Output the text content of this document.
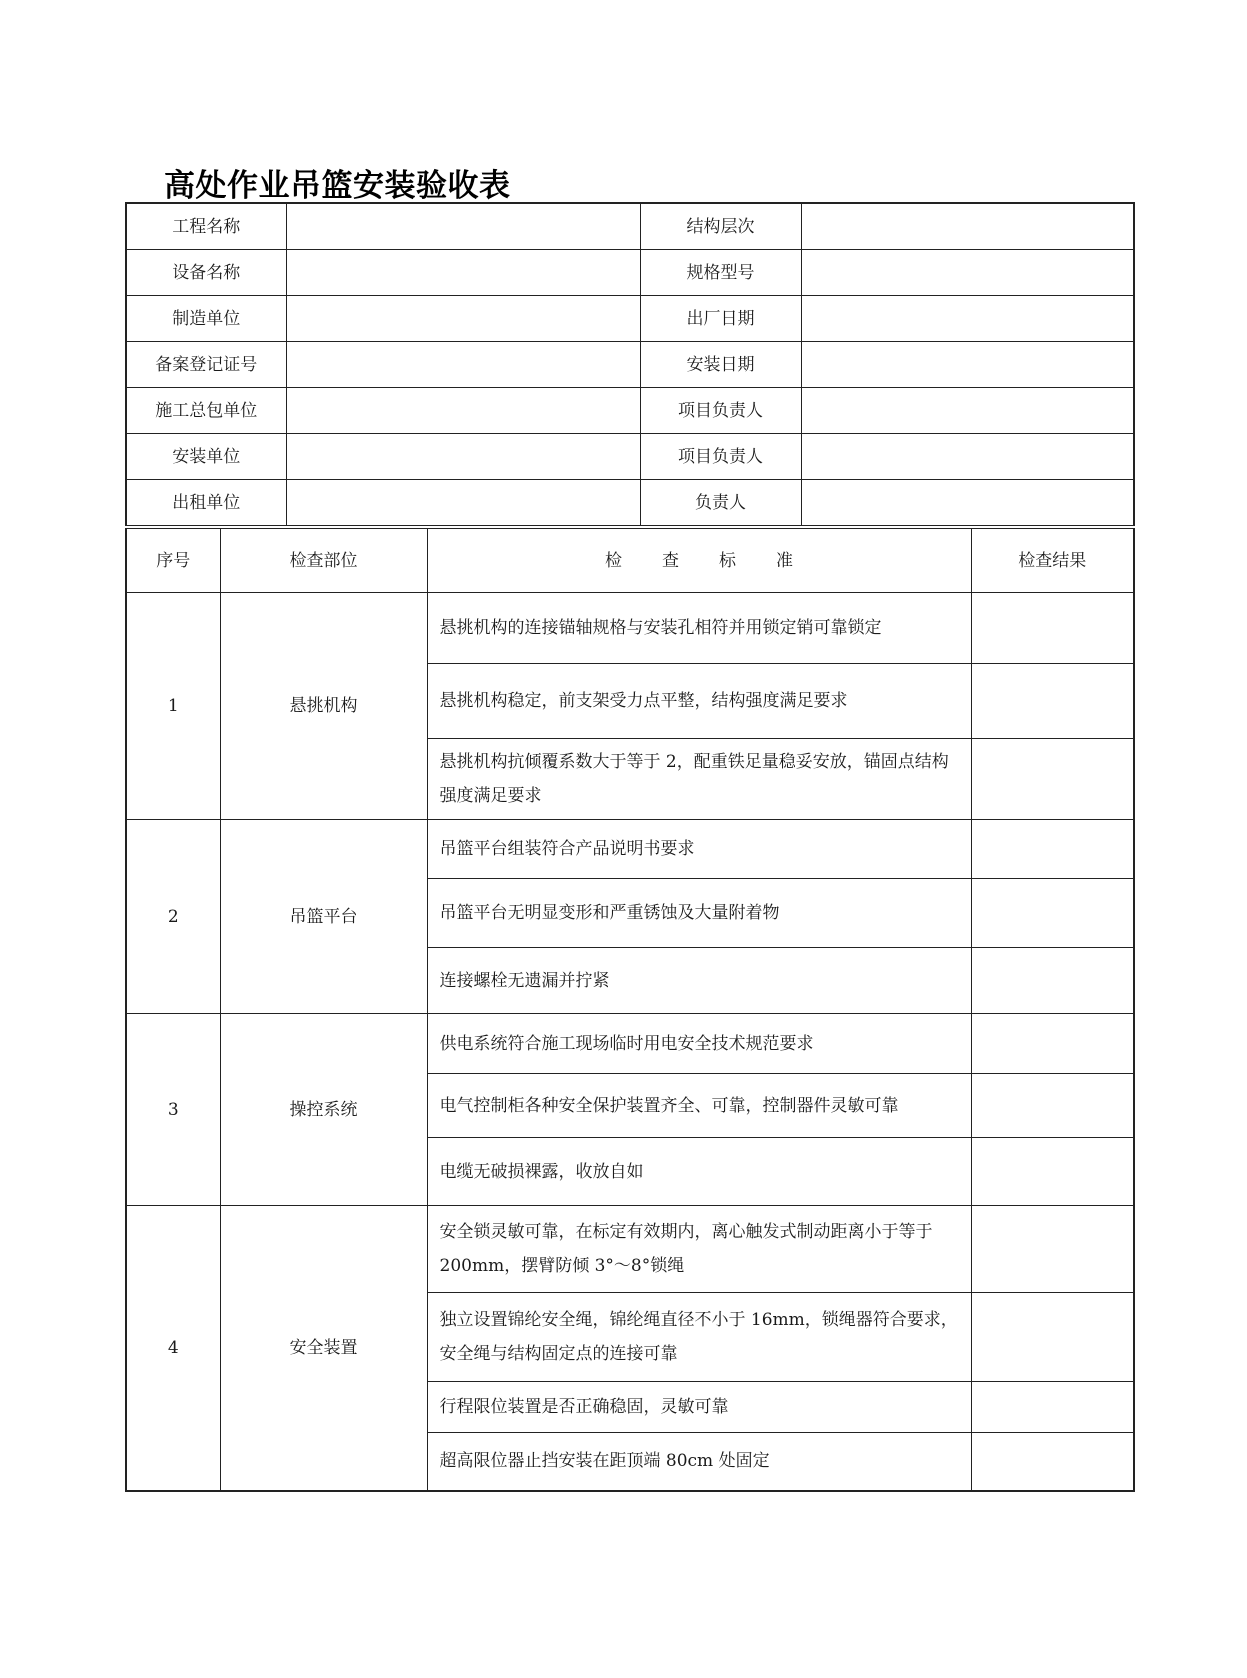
高处作业吊篮安装验收表
工程名称		结构层次	
设备名称		规格型号	
制造单位		出厂日期	
备案登记证号		安装日期	
施工总包单位		项目负责人	
安装单位		项目负责人	
出租单位		负责人	
序号	检查部位	检查标准	检查结果
1	悬挑机构	悬挑机构的连接锚轴规格与安装孔相符并用锁定销可靠锁定	
		悬挑机构稳定，前支架受力点平整，结构强度满足要求	
		悬挑机构抗倾覆系数大于等于 2，配重铁足量稳妥安放，锚固点结构强度满足要求	
2	吊篮平台	吊篮平台组装符合产品说明书要求	
		吊篮平台无明显变形和严重锈蚀及大量附着物	
		连接螺栓无遗漏并拧紧	
3	操控系统	供电系统符合施工现场临时用电安全技术规范要求	
		电气控制柜各种安全保护装置齐全、可靠，控制器件灵敏可靠	
		电缆无破损裸露，收放自如	
4	安全装置	安全锁灵敏可靠，在标定有效期内，离心触发式制动距离小于等于 200mm，摆臂防倾 3°～8°锁绳	
		独立设置锦纶安全绳，锦纶绳直径不小于 16mm，锁绳器符合要求，安全绳与结构固定点的连接可靠	
		行程限位装置是否正确稳固，灵敏可靠	
		超高限位器止挡安装在距顶端 80cm 处固定	
